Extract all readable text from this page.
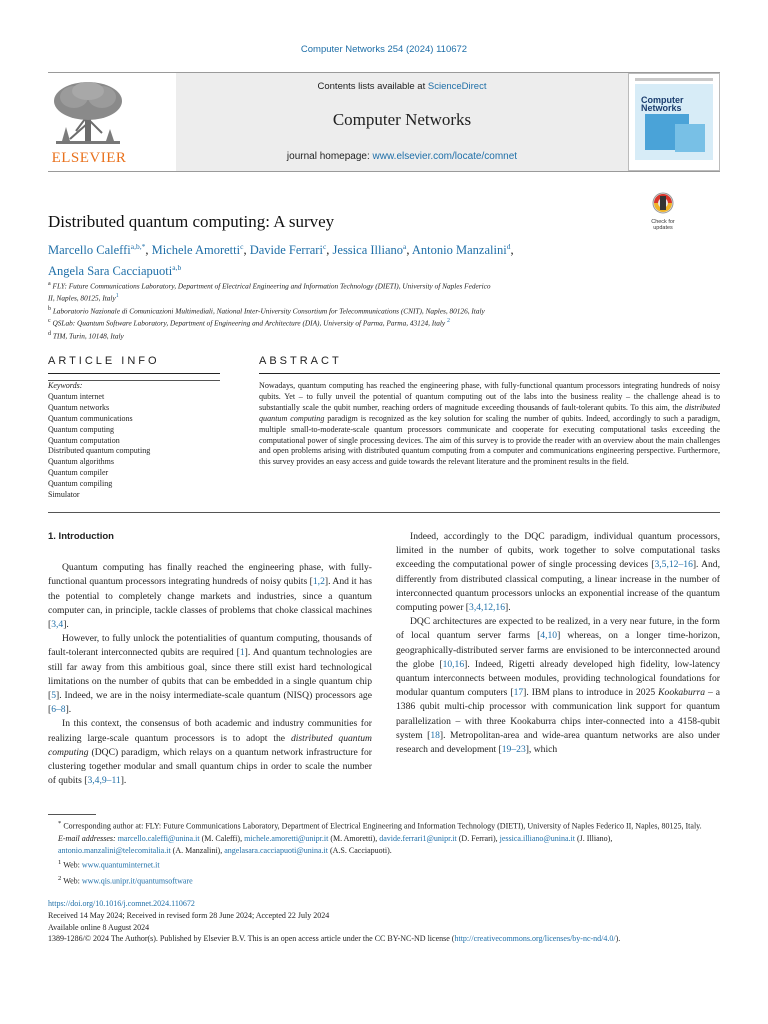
Computer Networks 254 (2024) 110672
ELSEVIER
Contents lists available at ScienceDirect
Computer Networks
journal homepage: www.elsevier.com/locate/comnet
Computer
Networks
Check for
updates
Distributed quantum computing: A survey
Marcello Caleffi$^{a,b,*}$, Michele Amoretti$^c$, Davide Ferrari$^c$, Jessica Illiano$^a$, Antonio Manzalini$^d$,
Angela Sara Cacciapuoti$^{a,b}$
$^a$ FLY: Future Communications Laboratory, Department of Electrical Engineering and Information Technology (DIETI), University of Naples Federico
II, Naples, 80125, Italy$^1$
$^b$ Laboratorio Nazionale di Comunicazioni Multimediali, National Inter-University Consortium for Telecommunications (CNIT), Naples, 80126, Italy
$^c$ QSLab: Quantum Software Laboratory, Department of Engineering and Architecture (DIA), University of Parma, Parma, 43124, Italy $^2$
$^d$ TIM, Turin, 10148, Italy
ARTICLE INFO	ABSTRACT
Keywords:
Quantum internet
Quantum networks
Quantum communications
Quantum computing
Quantum computation
Distributed quantum computing
Quantum algorithms
Quantum compiler
Quantum compiling
Simulator
Nowadays, quantum computing has reached the engineering phase, with fully-functional quantum processors integrating hundreds of noisy qubits. Yet – to fully unveil the potential of quantum computing out of the labs into the business reality – the challenge ahead is to substantially scale the qubit number, reaching orders of magnitude exceeding thousands of fault-tolerant qubits. To this aim, the distributed quantum computing paradigm is recognized as the key solution for scaling the number of qubits. Indeed, accordingly to such a paradigm, multiple small-to-moderate-scale quantum processors communicate and cooperate for executing computational tasks exceeding the computational power of single processing devices. The aim of this survey is to provide the reader with an overview about the main challenges and open problems arising with distributed quantum computing from a computer and communications engineering perspective. Furthermore, this survey provides an easy access and guide towards the relevant literature and the prominent results in the field.
1. Introduction

Quantum computing has finally reached the engineering phase, with fully-functional quantum processors integrating hundreds of noisy qubits [1,2]. And it has the potential to completely change markets and industries, since a quantum computer can, in principle, tackle classes of problems that choke classical machines [3,4].

However, to fully unlock the potentialities of quantum computing, thousands of fault-tolerant interconnected qubits are required [1]. And quantum technologies are still far away from this ambitious goal, since there still exist hard technological limitations on the number of qubits that can be embedded in a single quantum chip [5]. Indeed, we are in the noisy intermediate-scale quantum (NISQ) processors age [6–8].

In this context, the consensus of both academic and industry communities for realizing large-scale quantum processors is to adopt the distributed quantum computing (DQC) paradigm, which relays on a quantum network infrastructure for clustering together modular and small quantum chips in order to scale the number of qubits [3,4,9–11].

Indeed, accordingly to the DQC paradigm, individual quantum processors, limited in the number of qubits, work together to solve computational tasks exceeding the computational power of single processing devices [3,5,12–16]. And, differently from distributed classical computing, a linear increase in the number of interconnected quantum processors unlocks an exponential increase of the quantum computing power [3,4,12,16].

DQC architectures are expected to be realized, in a very near future, in the form of local quantum server farms [4,10] whereas, on a longer time-horizon, geographically-distributed server farms are envisioned to be interconnected around the globe [10,16]. Indeed, Rigetti already developed high fidelity, low-latency quantum interconnects between modules, providing technological foundations for modular quantum computers [17]. IBM plans to introduce in 2025 Kookaburra – a 1386 qubit multi-chip processor with communication link support for quantum parallelization – with three Kookaburra chips inter-connected into a 4158-qubit system [18]. Metropolitan-area and wide-area quantum networks are also under research and development [19–23], which

* Corresponding author at: FLY: Future Communications Laboratory, Department of Electrical Engineering and Information Technology (DIETI), University of Naples Federico II, Naples, 80125, Italy.

E-mail addresses: marcello.caleffi@unina.it (M. Caleffi), michele.amoretti@unipr.it (M. Amoretti), davide.ferrari1@unipr.it (D. Ferrari), jessica.illiano@unina.it (J. Illiano), antonio.manzalini@telecomitalia.it (A. Manzalini), angelasara.cacciapuoti@unina.it (A.S. Cacciapuoti).

$^1$ Web: www.quantuminternet.it

$^2$ Web: www.qis.unipr.it/quantumsoftware

https://doi.org/10.1016/j.comnet.2024.110672
Received 14 May 2024; Received in revised form 28 June 2024; Accepted 22 July 2024
Available online 8 August 2024
1389-1286/© 2024 The Author(s). Published by Elsevier B.V. This is an open access article under the CC BY-NC-ND license (http://creativecommons.org/licenses/by-nc-nd/4.0/).
